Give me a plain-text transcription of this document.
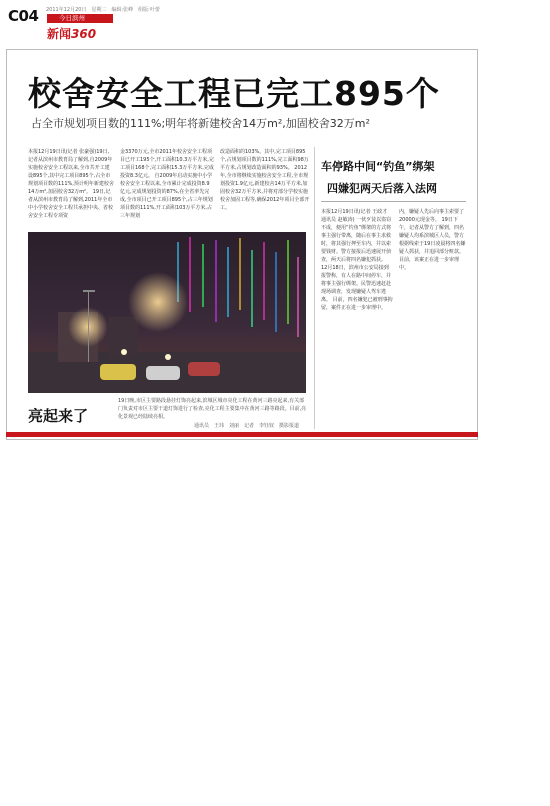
C04 2011年12月20日　星期二　编辑:张峰　组版:叶蕾
今日滨州
新闻360
校舍安全工程已完工895个
占全市规划项目数的111%;明年将新建校舍14万m²,加固校舍32万m²
本报12月19日讯(记者 张豪强)19日,记者从滨州市教育局了解到,自2009年实施校舍安全工程以来,全市共开工建设895个,其中完工项目895个,占全市规划项目数的111%,预计明年新建校舍14万m²,加固校舍32万m²。 19日,记者从滨州市教育局了解到,2011年全市中小学校舍安全工程共承担中央、省校舍安全工程专项资
金3370万元,全市2011年校舍安全工程项目已开工195个,开工面积10.3万平方米,完工项目168个,完工面积15.3万平方米,完成投资8.3亿元。 自2009年启动实施中小学校舍安全工程以来,全市累计完成投资8.9亿元,完成规划投资的87%,在全省率先完成,全市项目已开工项目895个,占三年规划项目数的111%,开工面积103万平方米,占三年规划
改造面积的103%。其中,完工项目895个,占规划项目数的111%,完工面积98万平方米,占规划改造面积的93%。 2012年,全市将继续实施校舍安全工程,全市规划投资1.9亿元,新建校舍14万平方米,加固校舍32万平方米,并将对部分学校实施校舍加固工程等,确保2012年项目全部开工。
亮起来了
19日晚,市区主要路段悬挂灯饰亮起来,滨城区城市亮化工程在黄河三路亮起来,有关部门负责对市区主要干道灯饰进行了检查,亮化工程主要集中在黄河三路等路段。目前,亮化景观已经陆续亮相。
通讯员　王玮　刘丽　记者　李钰钗　摄影报道
车停路中间“钓鱼”绑架
四嫌犯两天后落入法网
本报12月19日讯(记者 王政才 通讯员 赵敏涛) 一伙歹徒以盗窃不成，便用“钓鱼”绑架的方式将事主强行带离，随后在事主求救时，将其强行押至车内，并以索要钱财。警方接报后迅速展开侦查，两天后将四名嫌犯抓获。 12月18日，滨州市公安局接到报警称，有人在路中间停车，并将事主强行绑架。民警迅速赶赴现场调查，发现嫌疑人驾车逃离。 目前，四名嫌犯已被刑事拘留，案件正在进一步审理中。
内，嫌疑人先后向事主索要了20000元现金等。 19日下午，记者从警方了解到，四名嫌疑人均系滨城区人员，警方根据线索于19日凌晨将四名嫌疑人抓获，并追回部分赃款。 目前，该案正在进一步审理中。
